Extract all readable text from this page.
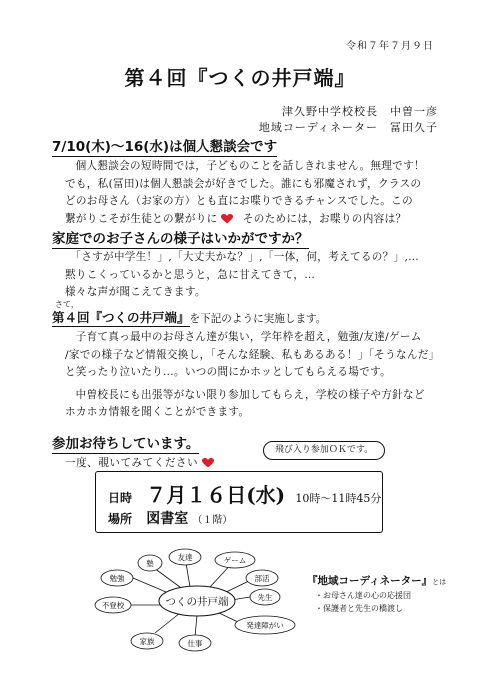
令和７年７月９日
第４回『つくの井戸端』
津久野中学校校長　中曽一彦
地域コーディネーター　冨田久子
7/10(木)～16(水)は個人懇談会です
個人懇談会の短時間では，子どものことを話しきれません。無理です！
でも，私(冨田)は個人懇談会が好きでした。誰にも邪魔されず，クラスの
どのお母さん（お家の方）とも直にお喋りできるチャンスでした。この
繋がりこそが生徒との繋がりに そのためには，お喋りの内容は？
家庭でのお子さんの様子はいかがですか？
「さすが中学生！」,「大丈夫かな？」,「一体，何，考えてるの？」,…
黙りこくっているかと思うと，急に甘えてきて，…
様々な声が聞こえてきます。
さて，
第４回『つくの井戸端』を下記のように実施します。
子育て真っ最中のお母さん達が集い，学年枠を超え，勉強/友達/ゲーム
/家での様子など情報交換し，「そんな経験、私もあるある！」「そうなんだ」
と笑ったり泣いたり…。いつの間にかホッとしてもらえる場です。
中曽校長にも出張等がない限り参加してもらえ，学校の様子や方針など
ホカホカ情報を聞くことができます。
参加お待ちしています。
一度、覗いてみてください
日時 ７月１６日(水) 10時〜11時45分
場所 図書室 （１階）
飛び入り参加ＯＫです。
つくの井戸端
塾
友達	ゲーム
部活
先生
発達障がい
仕事
家族
不登校
勉強	『地域コーディネーター』とは
・お母さん達の心の応援団
・保護者と先生の橋渡し
